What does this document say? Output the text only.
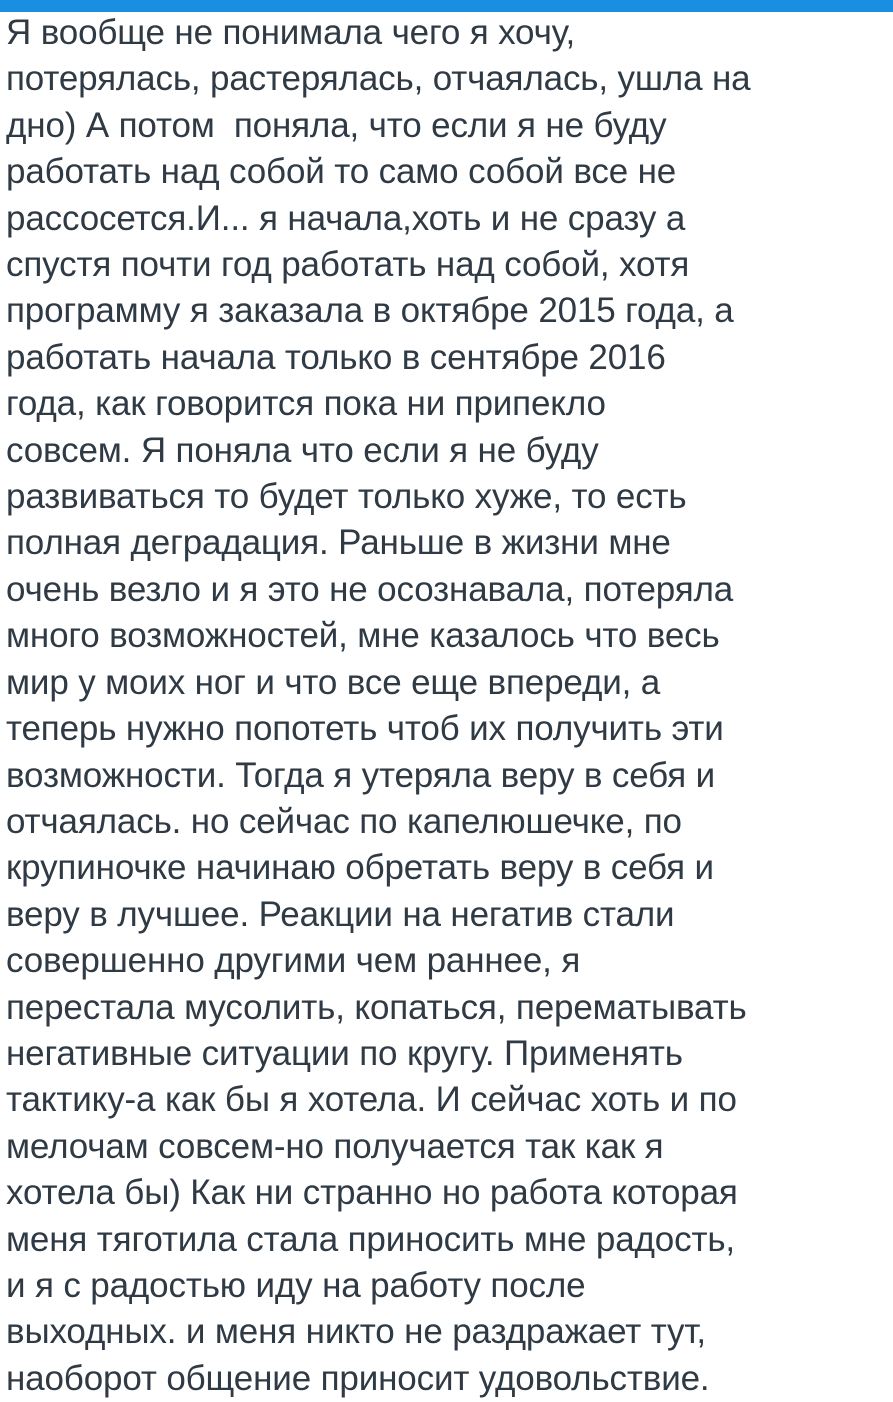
Я вообще не понимала чего я хочу,
потерялась, растерялась, отчаялась, ушла на
дно) А потом  поняла, что если я не буду
работать над собой то само собой все не
рассосется.И... я начала,хоть и не сразу а
спустя почти год работать над собой, хотя
программу я заказала в октябре 2015 года, а
работать начала только в сентябре 2016
года, как говорится пока ни припекло
совсем. Я поняла что если я не буду
развиваться то будет только хуже, то есть
полная деградация. Раньше в жизни мне
очень везло и я это не осознавала, потеряла
много возможностей, мне казалось что весь
мир у моих ног и что все еще впереди, а
теперь нужно попотеть чтоб их получить эти
возможности. Тогда я утеряла веру в себя и
отчаялась. но сейчас по капелюшечке, по
крупиночке начинаю обретать веру в себя и
веру в лучшее. Реакции на негатив стали
совершенно другими чем раннее, я
перестала мусолить, копаться, перематывать
негативные ситуации по кругу. Применять
тактику-а как бы я хотела. И сейчас хоть и по
мелочам совсем-но получается так как я
хотела бы) Как ни странно но работа которая
меня тяготила стала приносить мне радость,
и я с радостью иду на работу после
выходных. и меня никто не раздражает тут,
наоборот общение приносит удовольствие.
